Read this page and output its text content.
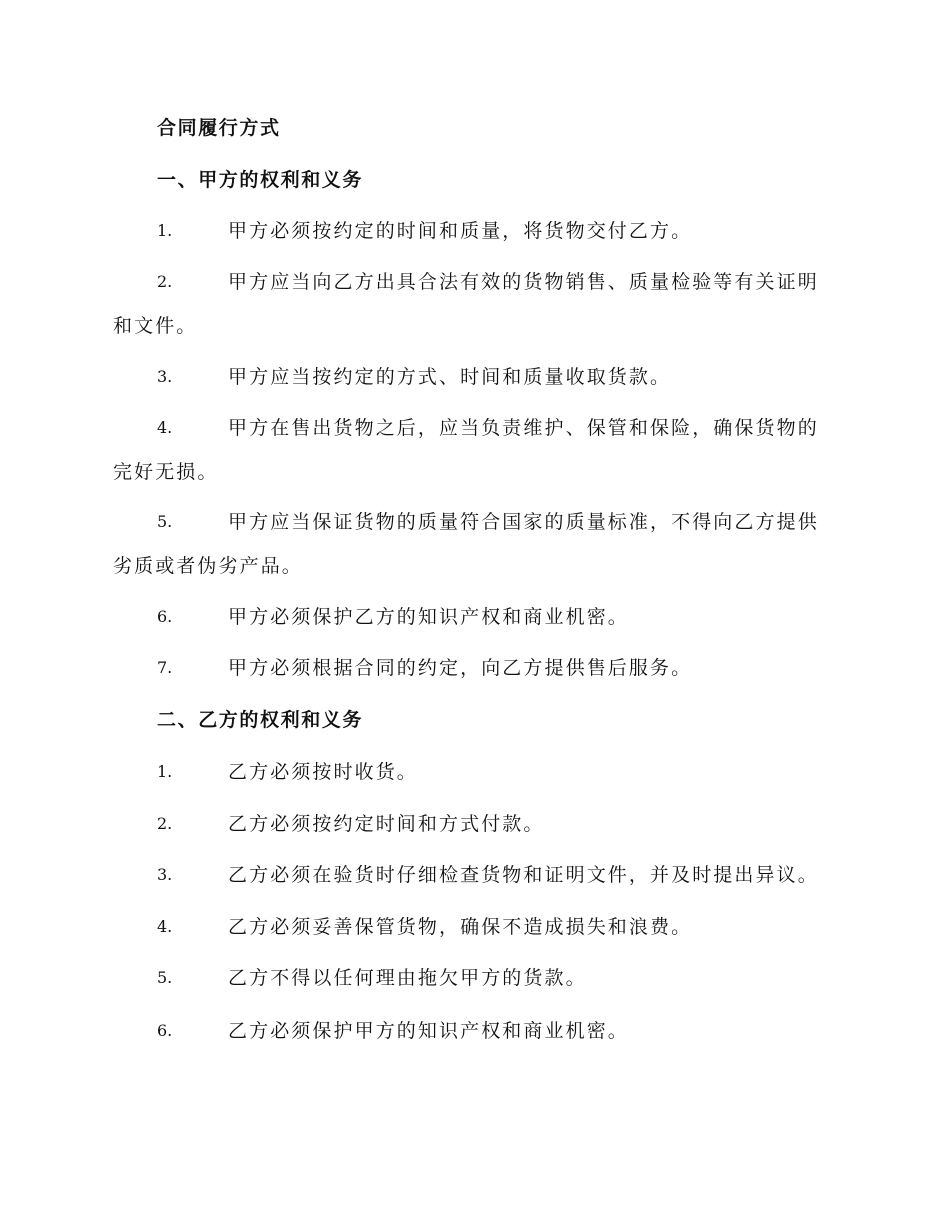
合同履行方式
一、甲方的权利和义务
1.	甲方必须按约定的时间和质量，将货物交付乙方。
2.	甲方应当向乙方出具合法有效的货物销售、质量检验等有关证明
和文件。
3.	甲方应当按约定的方式、时间和质量收取货款。
4.	甲方在售出货物之后，应当负责维护、保管和保险，确保货物的
完好无损。
5.	甲方应当保证货物的质量符合国家的质量标准，不得向乙方提供
劣质或者伪劣产品。
6.	甲方必须保护乙方的知识产权和商业机密。
7.	甲方必须根据合同的约定，向乙方提供售后服务。
二、乙方的权利和义务
1.	乙方必须按时收货。
2.	乙方必须按约定时间和方式付款。
3.	乙方必须在验货时仔细检查货物和证明文件，并及时提出异议。
4.	乙方必须妥善保管货物，确保不造成损失和浪费。
5.	乙方不得以任何理由拖欠甲方的货款。
6.	乙方必须保护甲方的知识产权和商业机密。
